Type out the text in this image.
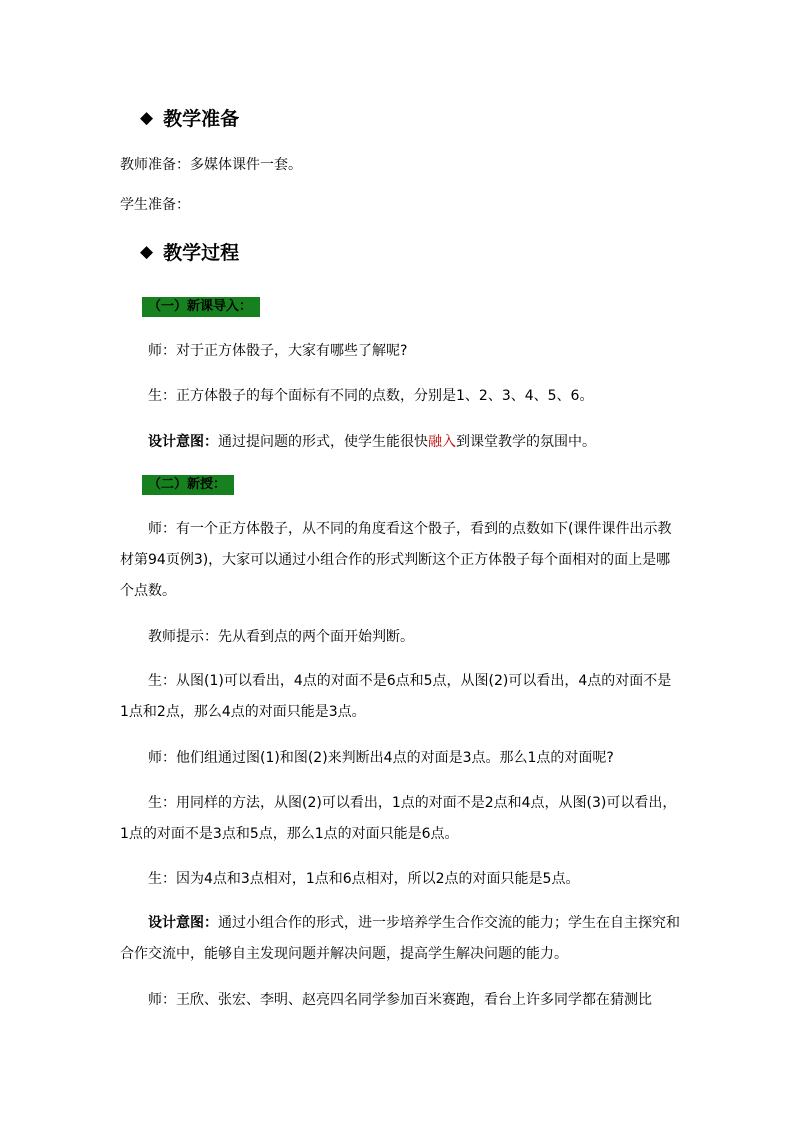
◆ 教学准备
教师准备：多媒体课件一套。
学生准备：
◆ 教学过程
（一）新课导入：
师：对于正方体骰子，大家有哪些了解呢?
生：正方体骰子的每个面标有不同的点数，分别是1、2、3、4、5、6。
设计意图：通过提问题的形式，使学生能很快融入到课堂教学的氛围中。
（二）新授：
师：有一个正方体骰子，从不同的角度看这个骰子，看到的点数如下(课件课件出示教材第94页例3)，大家可以通过小组合作的形式判断这个正方体骰子每个面相对的面上是哪个点数。
教师提示：先从看到点的两个面开始判断。
生：从图(1)可以看出，4点的对面不是6点和5点，从图(2)可以看出，4点的对面不是1点和2点，那么4点的对面只能是3点。
师：他们组通过图(1)和图(2)来判断出4点的对面是3点。那么1点的对面呢?
生：用同样的方法，从图(2)可以看出，1点的对面不是2点和4点，从图(3)可以看出，1点的对面不是3点和5点，那么1点的对面只能是6点。
生：因为4点和3点相对，1点和6点相对，所以2点的对面只能是5点。
设计意图：通过小组合作的形式，进一步培养学生合作交流的能力；学生在自主探究和合作交流中，能够自主发现问题并解决问题，提高学生解决问题的能力。
师：王欣、张宏、李明、赵亮四名同学参加百米赛跑，看台上许多同学都在猜测比
